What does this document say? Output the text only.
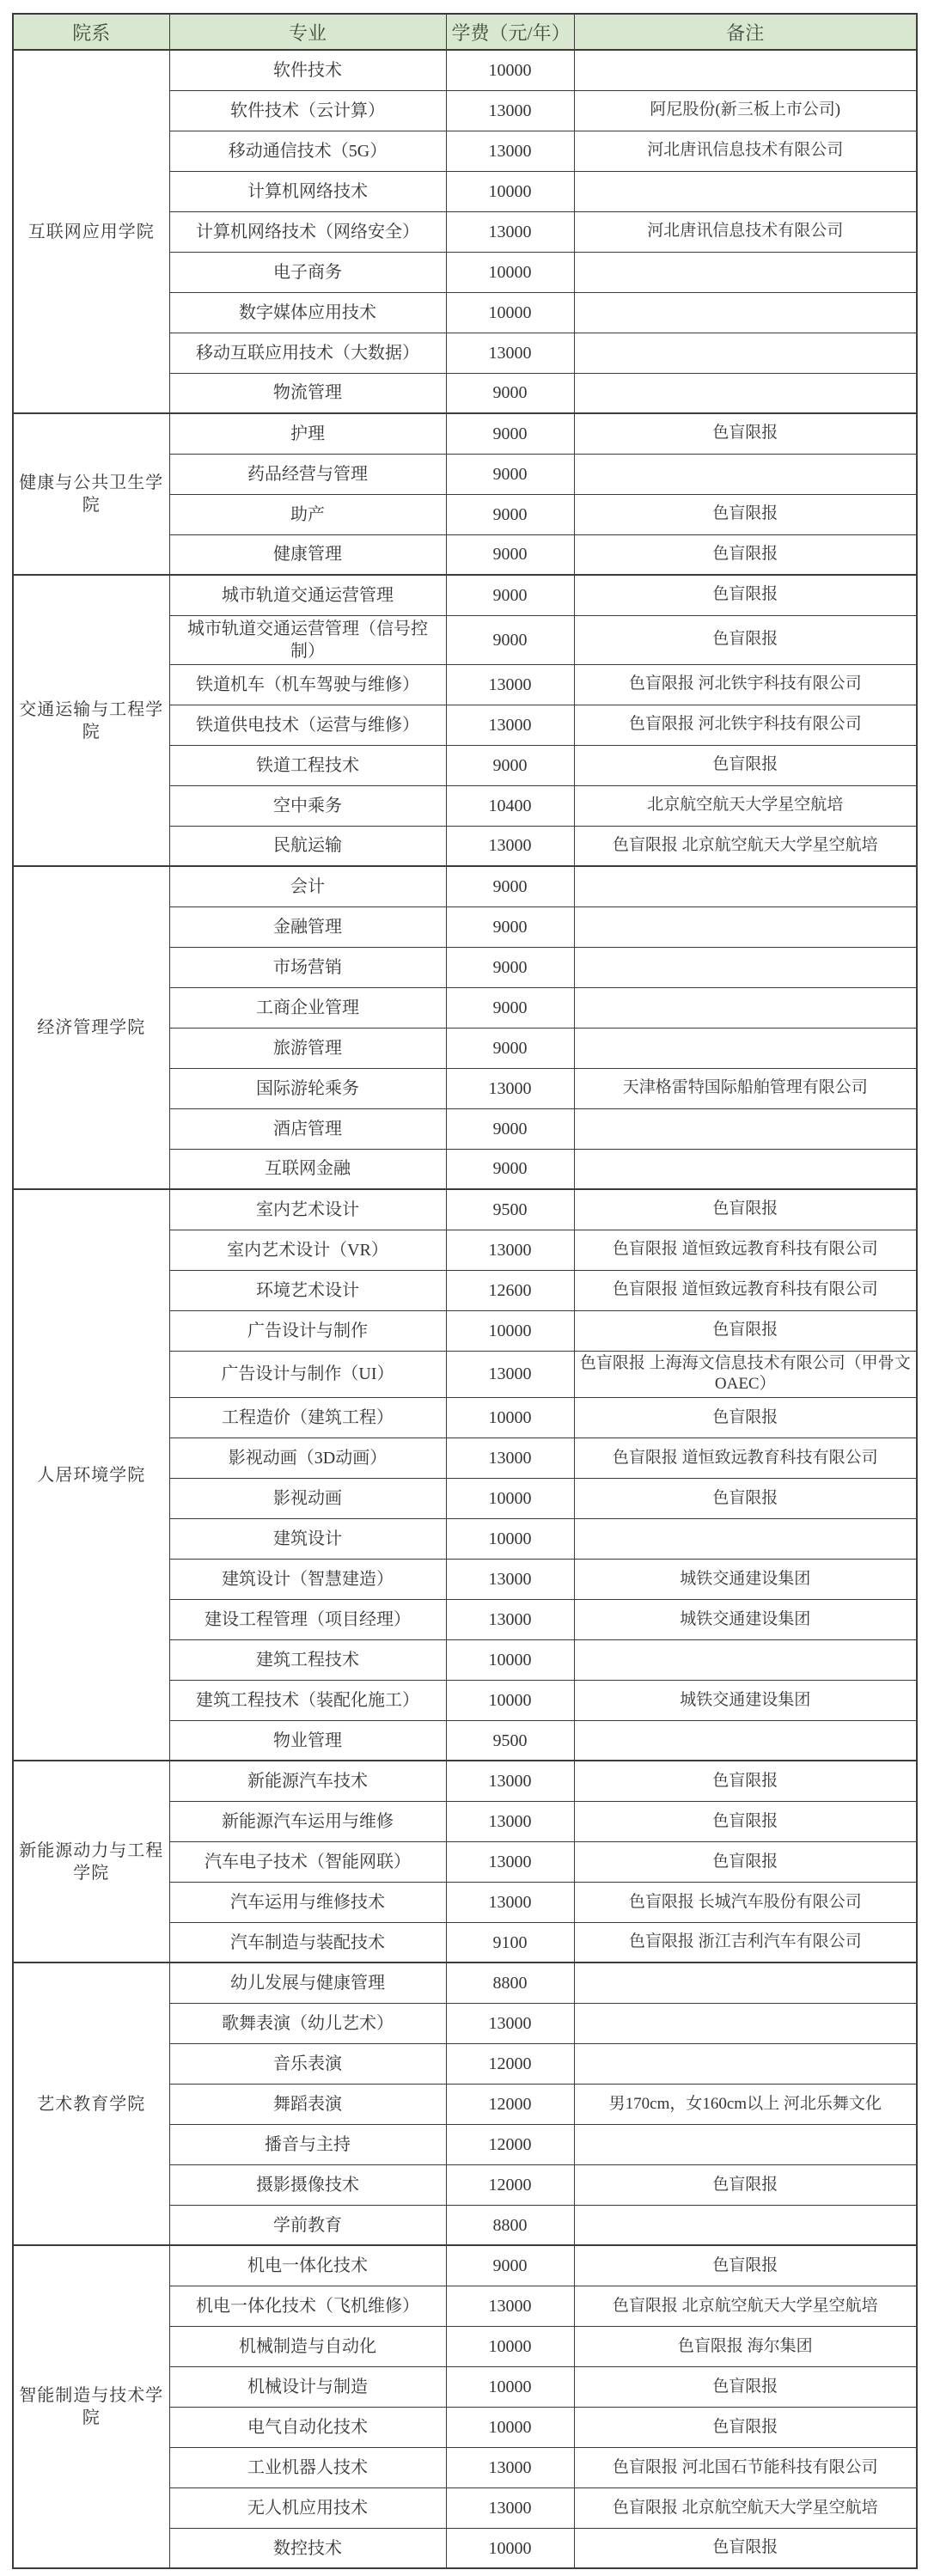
院系	专业	学费（元/年）	备注
互联网应用学院	软件技术	10000	
	软件技术（云计算）	13000	阿尼股份(新三板上市公司)
	移动通信技术（5G）	13000	河北唐讯信息技术有限公司
	计算机网络技术	10000	
	计算机网络技术（网络安全）	13000	河北唐讯信息技术有限公司
	电子商务	10000	
	数字媒体应用技术	10000	
	移动互联应用技术（大数据）	13000	
	物流管理	9000	
健康与公共卫生学院	护理	9000	色盲限报
	药品经营与管理	9000	
	助产	9000	色盲限报
	健康管理	9000	色盲限报
交通运输与工程学院	城市轨道交通运营管理	9000	色盲限报
	城市轨道交通运营管理（信号控制）	9000	色盲限报
	铁道机车（机车驾驶与维修）	13000	色盲限报 河北铁宇科技有限公司
	铁道供电技术（运营与维修）	13000	色盲限报 河北铁宇科技有限公司
	铁道工程技术	9000	色盲限报
	空中乘务	10400	北京航空航天大学星空航培
	民航运输	13000	色盲限报 北京航空航天大学星空航培
经济管理学院	会计	9000	
	金融管理	9000	
	市场营销	9000	
	工商企业管理	9000	
	旅游管理	9000	
	国际游轮乘务	13000	天津格雷特国际船舶管理有限公司
	酒店管理	9000	
	互联网金融	9000	
人居环境学院	室内艺术设计	9500	色盲限报
	室内艺术设计（VR）	13000	色盲限报 道恒致远教育科技有限公司
	环境艺术设计	12600	色盲限报 道恒致远教育科技有限公司
	广告设计与制作	10000	色盲限报
	广告设计与制作（UI）	13000	色盲限报 上海海文信息技术有限公司（甲骨文OAEC）
	工程造价（建筑工程）	10000	色盲限报
	影视动画（3D动画）	13000	色盲限报 道恒致远教育科技有限公司
	影视动画	10000	色盲限报
	建筑设计	10000	
	建筑设计（智慧建造）	13000	城铁交通建设集团
	建设工程管理（项目经理）	13000	城铁交通建设集团
	建筑工程技术	10000	
	建筑工程技术（装配化施工）	10000	城铁交通建设集团
	物业管理	9500	
新能源动力与工程学院	新能源汽车技术	13000	色盲限报
	新能源汽车运用与维修	13000	色盲限报
	汽车电子技术（智能网联）	13000	色盲限报
	汽车运用与维修技术	13000	色盲限报 长城汽车股份有限公司
	汽车制造与装配技术	9100	色盲限报 浙江吉利汽车有限公司
艺术教育学院	幼儿发展与健康管理	8800	
	歌舞表演（幼儿艺术）	13000	
	音乐表演	12000	
	舞蹈表演	12000	男170cm，女160cm以上 河北乐舞文化
	播音与主持	12000	
	摄影摄像技术	12000	色盲限报
	学前教育	8800	
智能制造与技术学院	机电一体化技术	9000	色盲限报
	机电一体化技术（飞机维修）	13000	色盲限报 北京航空航天大学星空航培
	机械制造与自动化	10000	色盲限报 海尔集团
	机械设计与制造	10000	色盲限报
	电气自动化技术	10000	色盲限报
	工业机器人技术	13000	色盲限报 河北国石节能科技有限公司
	无人机应用技术	13000	色盲限报 北京航空航天大学星空航培
	数控技术	10000	色盲限报
